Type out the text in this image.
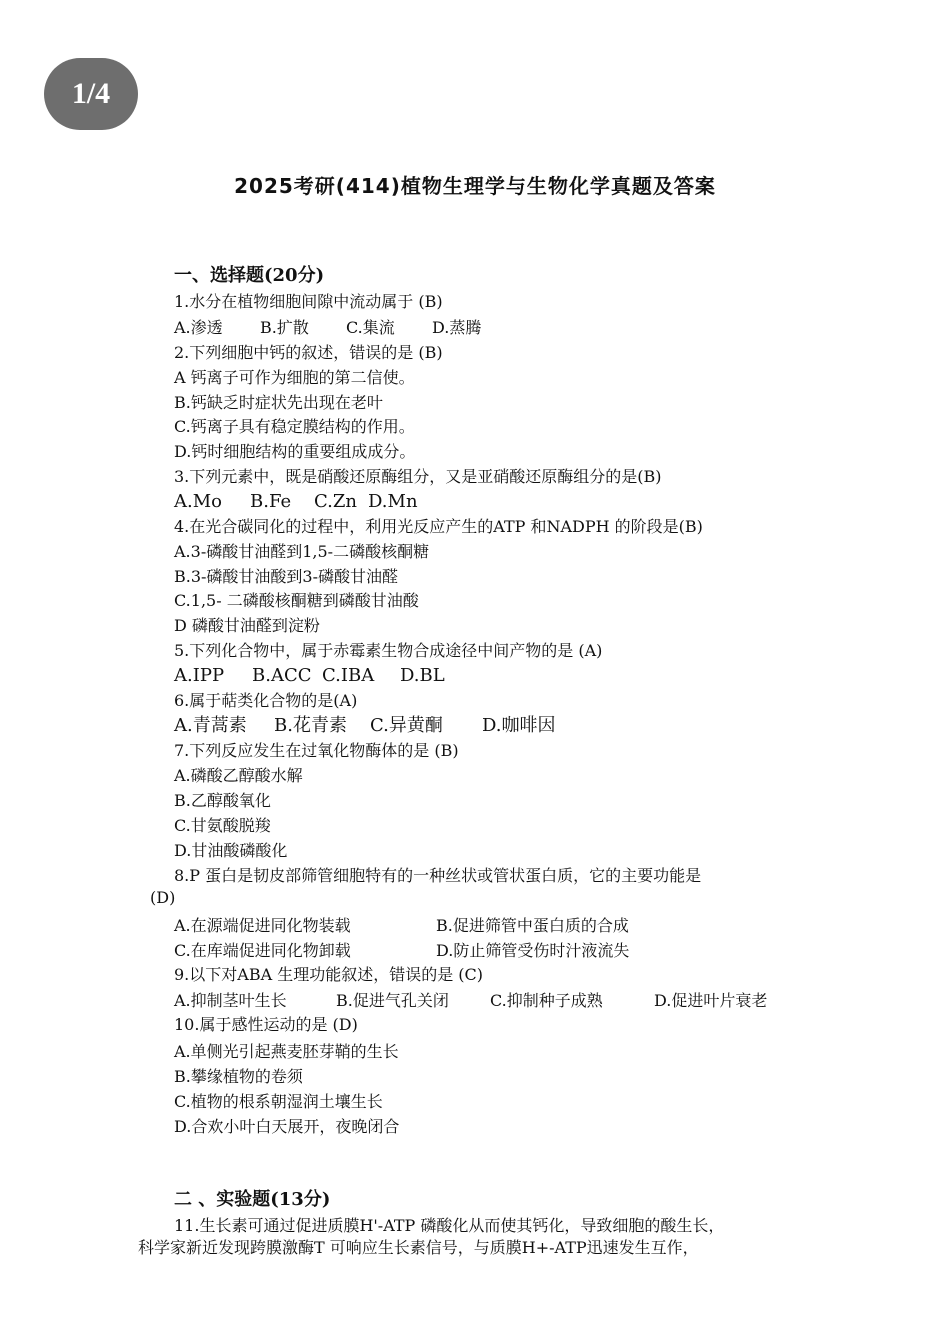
1/4
2025考研(414)植物生理学与生物化学真题及答案
一、选择题(20分)
1.水分在植物细胞间隙中流动属于 (B)
A.渗透 B.扩散 C.集流 D.蒸腾
2.下列细胞中钙的叙述，错误的是 (B)
A 钙离子可作为细胞的第二信使。
B.钙缺乏时症状先出现在老叶
C.钙离子具有稳定膜结构的作用。
D.钙时细胞结构的重要组成成分。
3.下列元素中，既是硝酸还原酶组分，又是亚硝酸还原酶组分的是(B)
A.Mo B.Fe C.Zn D.Mn
4.在光合碳同化的过程中，利用光反应产生的ATP 和NADPH 的阶段是(B)
A.3-磷酸甘油醛到1,5-二磷酸核酮糖
B.3-磷酸甘油酸到3-磷酸甘油醛
C.1,5- 二磷酸核酮糖到磷酸甘油酸
D 磷酸甘油醛到淀粉
5.下列化合物中，属于赤霉素生物合成途径中间产物的是 (A)
A.IPP B.ACC C.IBA D.BL
6.属于萜类化合物的是(A)
A.青蒿素 B.花青素 C.异黄酮 D.咖啡因
7.下列反应发生在过氧化物酶体的是 (B)
A.磷酸乙醇酸水解
B.乙醇酸氧化
C.甘氨酸脱羧
D.甘油酸磷酸化
8.P 蛋白是韧皮部筛管细胞特有的一种丝状或管状蛋白质，它的主要功能是
(D)
A.在源端促进同化物装载	B.促进筛管中蛋白质的合成
C.在库端促进同化物卸载	D.防止筛管受伤时汁液流失
9.以下对ABA 生理功能叙述，错误的是 (C)
A.抑制茎叶生长	B.促进气孔关闭	C.抑制种子成熟	D.促进叶片衰老
10.属于感性运动的是 (D)
A.单侧光引起燕麦胚芽鞘的生长
B.攀缘植物的卷须
C.植物的根系朝湿润土壤生长
D.合欢小叶白天展开，夜晚闭合
二 、实验题(13分)
11.生长素可通过促进质膜H'-ATP 磷酸化从而使其钙化，导致细胞的酸生长，
科学家新近发现跨膜激酶T 可响应生长素信号，与质膜H+-ATP迅速发生互作，
